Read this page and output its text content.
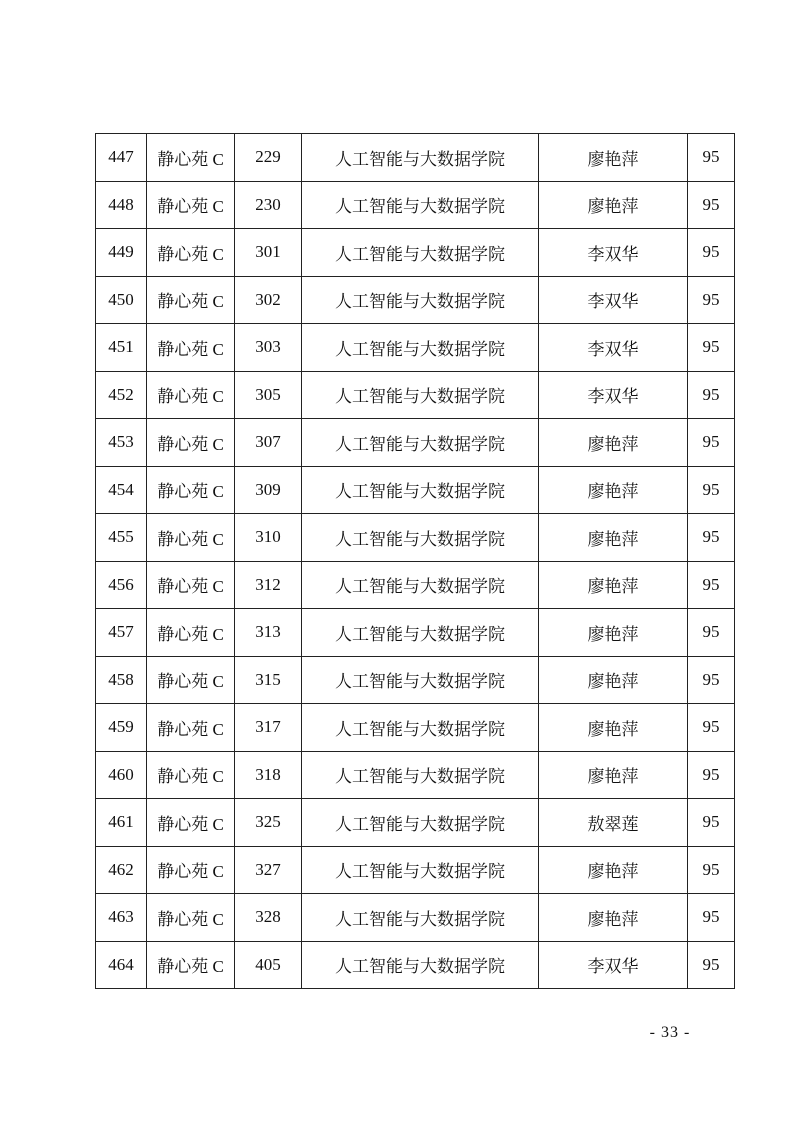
447	静心苑 C	229	人工智能与大数据学院	廖艳萍	95
448	静心苑 C	230	人工智能与大数据学院	廖艳萍	95
449	静心苑 C	301	人工智能与大数据学院	李双华	95
450	静心苑 C	302	人工智能与大数据学院	李双华	95
451	静心苑 C	303	人工智能与大数据学院	李双华	95
452	静心苑 C	305	人工智能与大数据学院	李双华	95
453	静心苑 C	307	人工智能与大数据学院	廖艳萍	95
454	静心苑 C	309	人工智能与大数据学院	廖艳萍	95
455	静心苑 C	310	人工智能与大数据学院	廖艳萍	95
456	静心苑 C	312	人工智能与大数据学院	廖艳萍	95
457	静心苑 C	313	人工智能与大数据学院	廖艳萍	95
458	静心苑 C	315	人工智能与大数据学院	廖艳萍	95
459	静心苑 C	317	人工智能与大数据学院	廖艳萍	95
460	静心苑 C	318	人工智能与大数据学院	廖艳萍	95
461	静心苑 C	325	人工智能与大数据学院	敖翠莲	95
462	静心苑 C	327	人工智能与大数据学院	廖艳萍	95
463	静心苑 C	328	人工智能与大数据学院	廖艳萍	95
464	静心苑 C	405	人工智能与大数据学院	李双华	95
- 33 -
